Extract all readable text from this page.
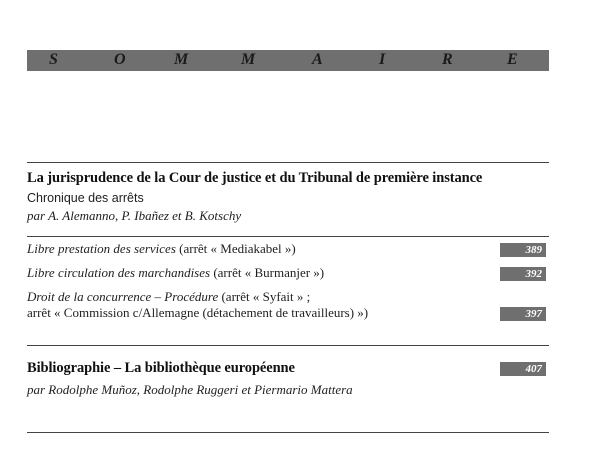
S	O	M	M	A	I	R	E
La jurisprudence de la Cour de justice et du Tribunal de première instance
Chronique des arrêts
par A. Alemanno, P. Ibañez et B. Kotschy
Libre prestation des services (arrêt « Mediakabel »)	389
Libre circulation des marchandises (arrêt « Burmanjer »)	392
Droit de la concurrence – Procédure (arrêt « Syfait » ;
arrêt « Commission c/Allemagne (détachement de travailleurs) »)	397
Bibliographie – La bibliothèque européenne	407
par Rodolphe Muñoz, Rodolphe Ruggeri et Piermario Mattera
